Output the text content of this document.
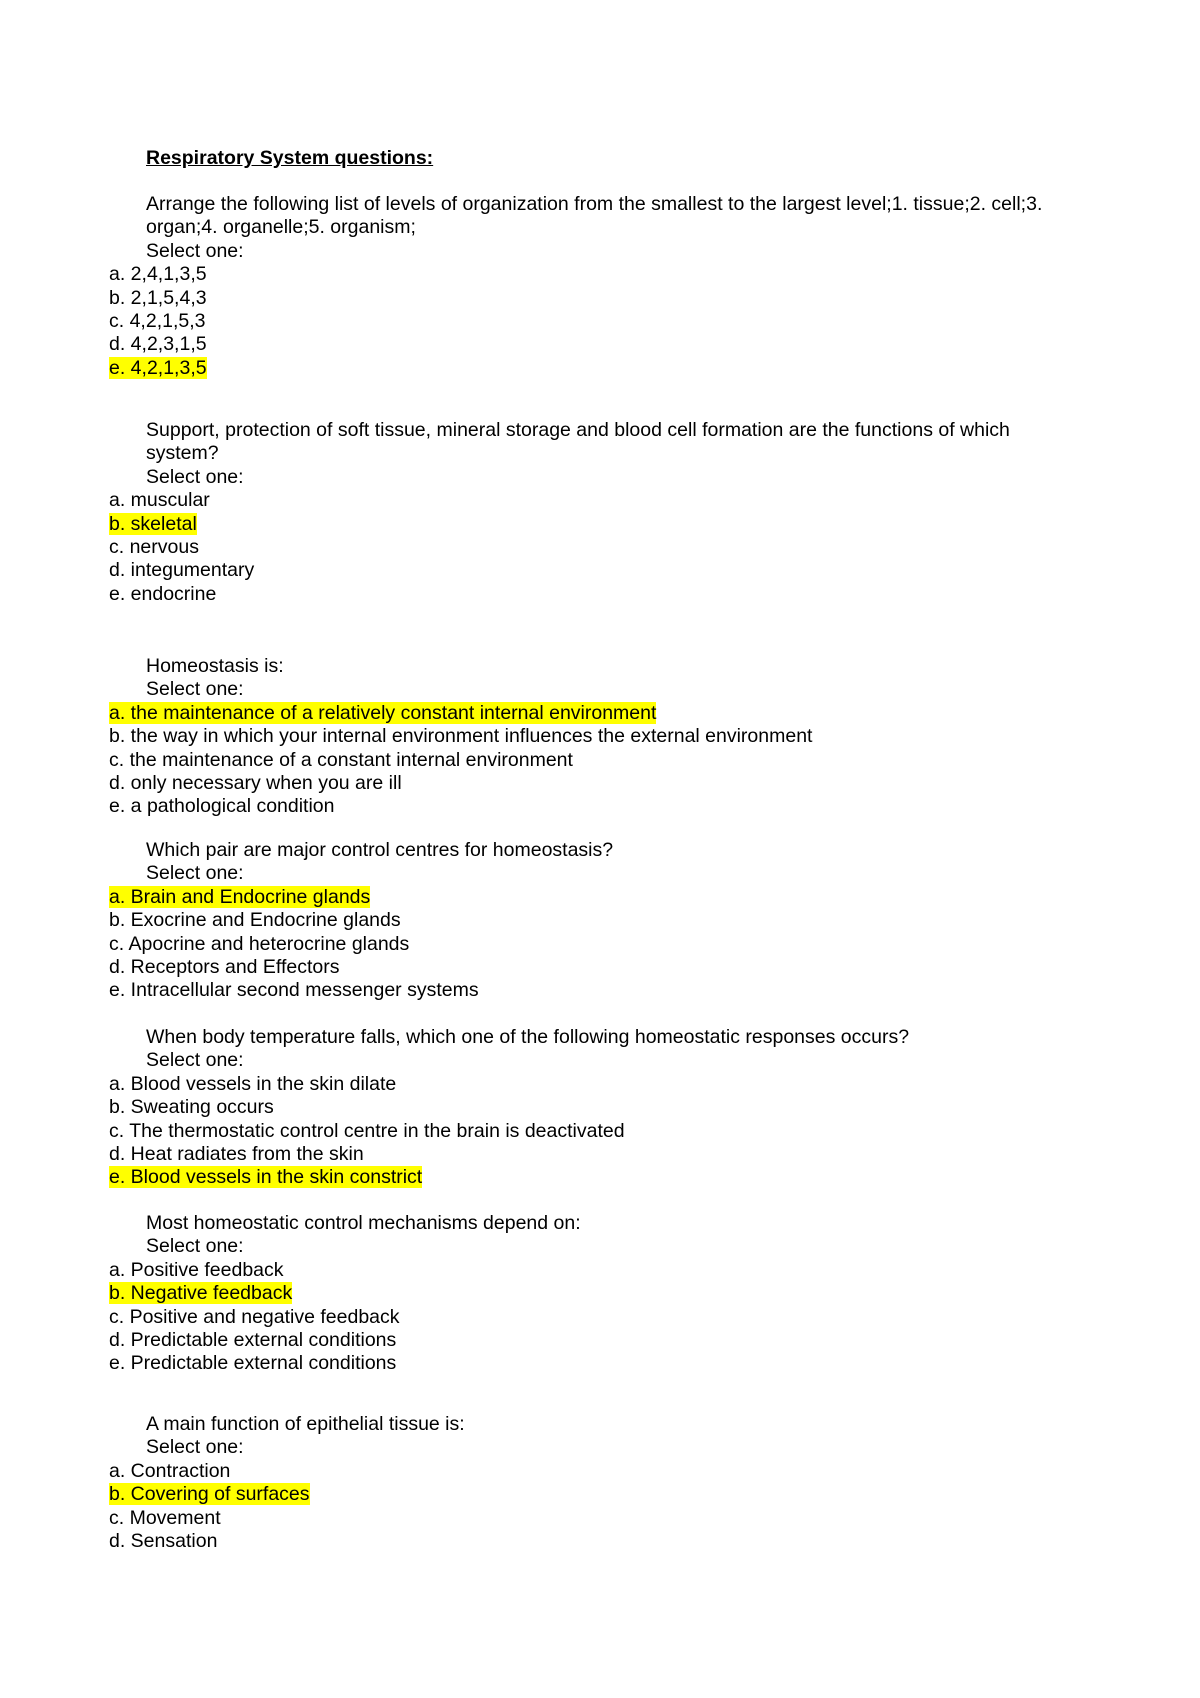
Respiratory System questions:

Arrange the following list of levels of organization from the smallest to the largest level;1. tissue;2. cell;3. organ;4. organelle;5. organism;

Select one:

a. 2,4,1,3,5
b. 2,1,5,4,3
c. 4,2,1,5,3
d. 4,2,3,1,5
e. 4,2,1,3,5

Support, protection of soft tissue, mineral storage and blood cell formation are the functions of which system?

Select one:

a. muscular
b. skeletal
c. nervous
d. integumentary
e. endocrine

Homeostasis is:

Select one:

a. the maintenance of a relatively constant internal environment
b. the way in which your internal environment influences the external environment
c. the maintenance of a constant internal environment
d. only necessary when you are ill
e. a pathological condition

Which pair are major control centres for homeostasis?

Select one:

a. Brain and Endocrine glands
b. Exocrine and Endocrine glands
c. Apocrine and heterocrine glands
d. Receptors and Effectors
e. Intracellular second messenger systems

When body temperature falls, which one of the following homeostatic responses occurs?

Select one:

a. Blood vessels in the skin dilate
b. Sweating occurs
c. The thermostatic control centre in the brain is deactivated
d. Heat radiates from the skin
e. Blood vessels in the skin constrict

Most homeostatic control mechanisms depend on:

Select one:

a. Positive feedback
b. Negative feedback
c. Positive and negative feedback
d. Predictable external conditions
e. Predictable external conditions

A main function of epithelial tissue is:

Select one:

a. Contraction
b. Covering of surfaces
c. Movement
d. Sensation
